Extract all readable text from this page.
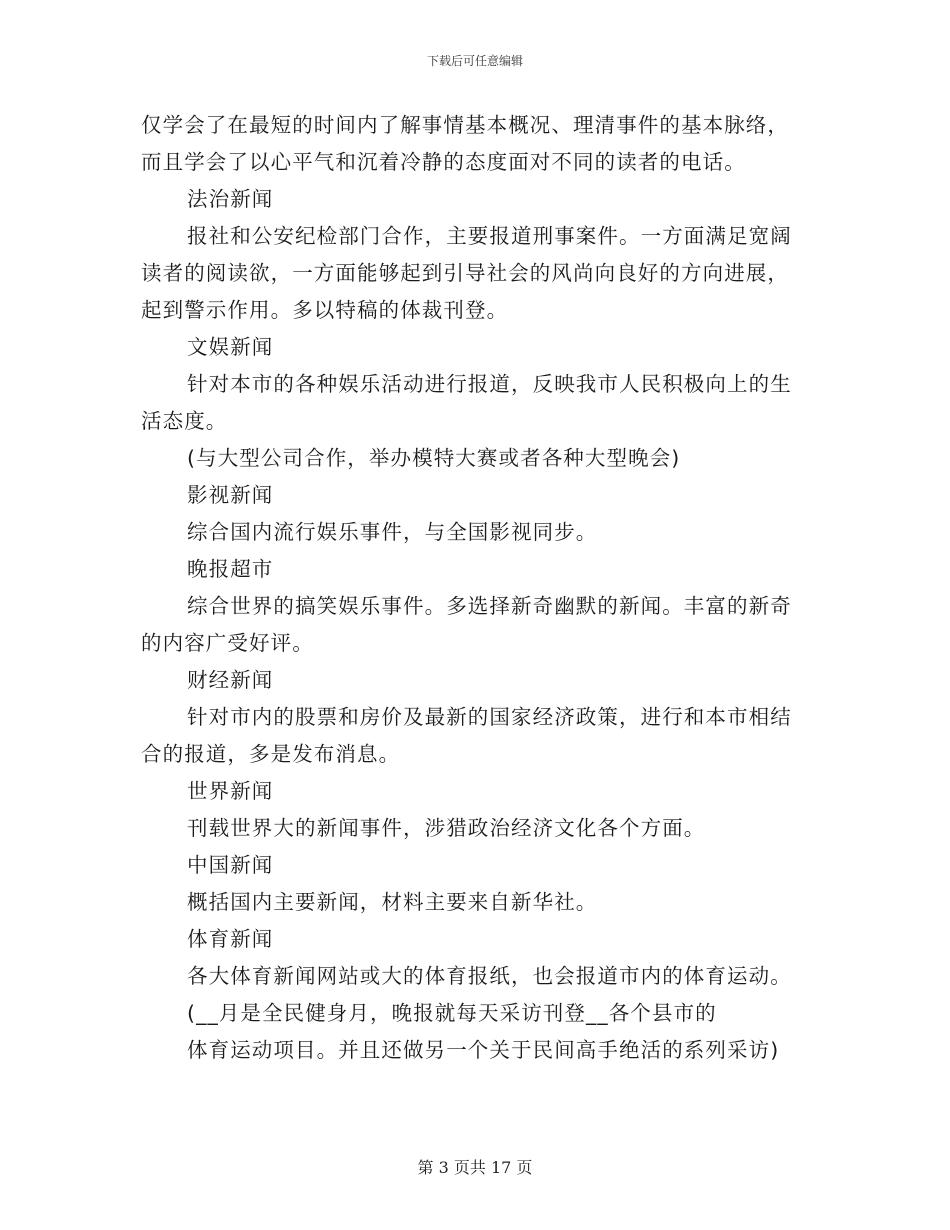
下载后可任意编辑
仅学会了在最短的时间内了解事情基本概况、理清事件的基本脉络，
而且学会了以心平气和沉着冷静的态度面对不同的读者的电话。
法治新闻
报社和公安纪检部门合作，主要报道刑事案件。一方面满足宽阔
读者的阅读欲，一方面能够起到引导社会的风尚向良好的方向进展，
起到警示作用。多以特稿的体裁刊登。
文娱新闻
针对本市的各种娱乐活动进行报道，反映我市人民积极向上的生
活态度。
(与大型公司合作，举办模特大赛或者各种大型晚会)
影视新闻
综合国内流行娱乐事件，与全国影视同步。
晚报超市
综合世界的搞笑娱乐事件。多选择新奇幽默的新闻。丰富的新奇
的内容广受好评。
财经新闻
针对市内的股票和房价及最新的国家经济政策，进行和本市相结
合的报道，多是发布消息。
世界新闻
刊载世界大的新闻事件，涉猎政治经济文化各个方面。
中国新闻
概括国内主要新闻，材料主要来自新华社。
体育新闻
各大体育新闻网站或大的体育报纸，也会报道市内的体育运动。
(__月是全民健身月，晚报就每天采访刊登__各个县市的
体育运动项目。并且还做另一个关于民间高手绝活的系列采访)
第 3 页共 17 页
